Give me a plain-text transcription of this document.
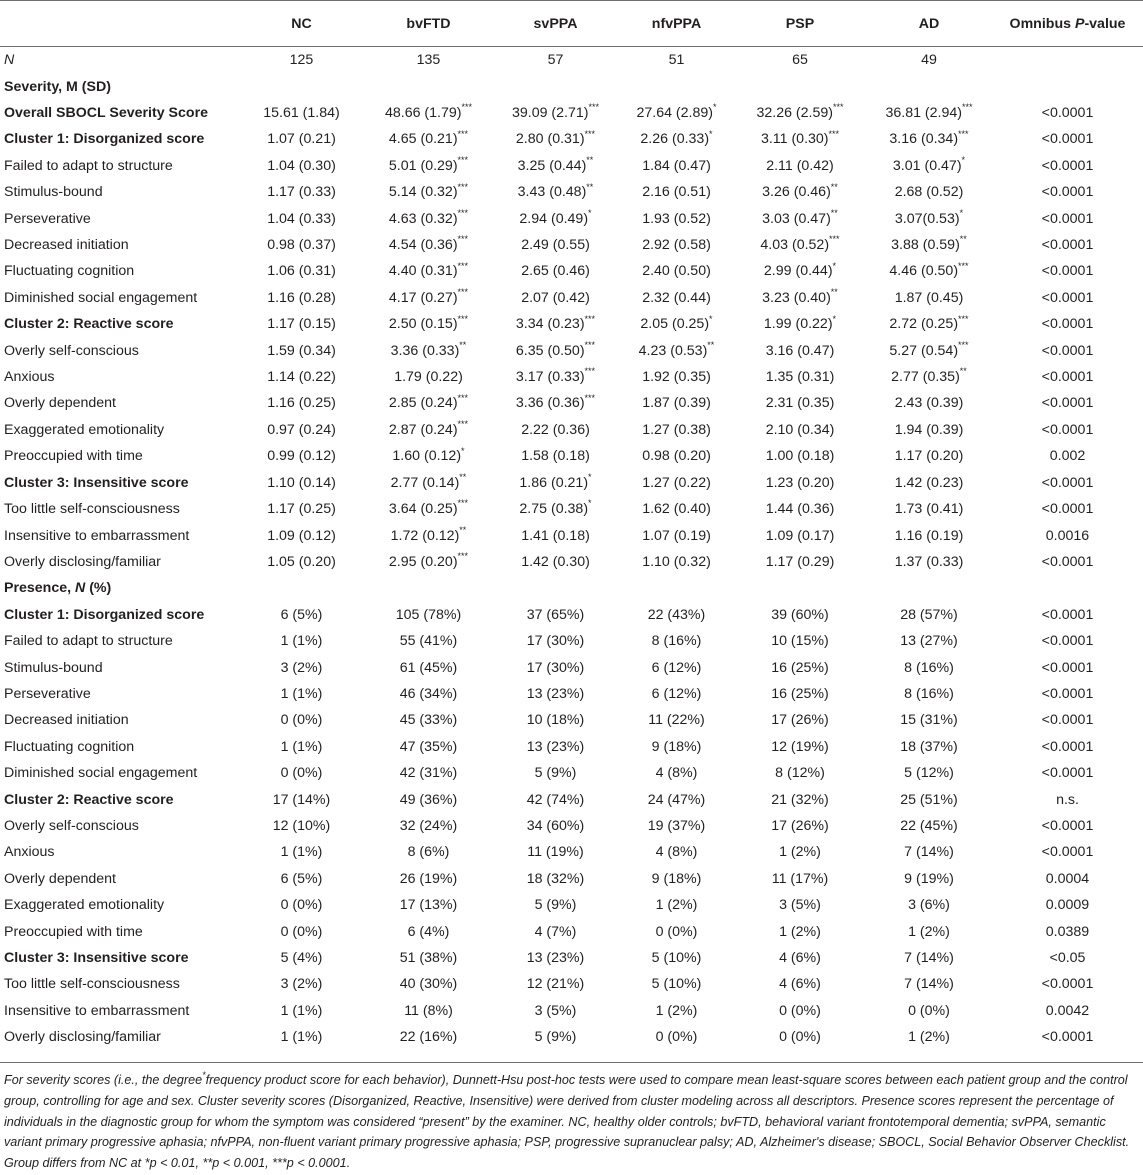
	NC	bvFTD	svPPA	nfvPPA	PSP	AD	Omnibus P-value
N	125	135	57	51	65	49	
Severity, M (SD)							
Overall SBOCL Severity Score	15.61 (1.84)	48.66 (1.79)***	39.09 (2.71)***	27.64 (2.89)*	32.26 (2.59)***	36.81 (2.94)***	<0.0001
Cluster 1: Disorganized score	1.07 (0.21)	4.65 (0.21)***	2.80 (0.31)***	2.26 (0.33)*	3.11 (0.30)***	3.16 (0.34)***	<0.0001
Failed to adapt to structure	1.04 (0.30)	5.01 (0.29)***	3.25 (0.44)**	1.84 (0.47)	2.11 (0.42)	3.01 (0.47)*	<0.0001
Stimulus-bound	1.17 (0.33)	5.14 (0.32)***	3.43 (0.48)**	2.16 (0.51)	3.26 (0.46)**	2.68 (0.52)	<0.0001
Perseverative	1.04 (0.33)	4.63 (0.32)***	2.94 (0.49)*	1.93 (0.52)	3.03 (0.47)**	3.07(0.53)*	<0.0001
Decreased initiation	0.98 (0.37)	4.54 (0.36)***	2.49 (0.55)	2.92 (0.58)	4.03 (0.52)***	3.88 (0.59)**	<0.0001
Fluctuating cognition	1.06 (0.31)	4.40 (0.31)***	2.65 (0.46)	2.40 (0.50)	2.99 (0.44)*	4.46 (0.50)***	<0.0001
Diminished social engagement	1.16 (0.28)	4.17 (0.27)***	2.07 (0.42)	2.32 (0.44)	3.23 (0.40)**	1.87 (0.45)	<0.0001
Cluster 2: Reactive score	1.17 (0.15)	2.50 (0.15)***	3.34 (0.23)***	2.05 (0.25)*	1.99 (0.22)*	2.72 (0.25)***	<0.0001
Overly self-conscious	1.59 (0.34)	3.36 (0.33)**	6.35 (0.50)***	4.23 (0.53)**	3.16 (0.47)	5.27 (0.54)***	<0.0001
Anxious	1.14 (0.22)	1.79 (0.22)	3.17 (0.33)***	1.92 (0.35)	1.35 (0.31)	2.77 (0.35)**	<0.0001
Overly dependent	1.16 (0.25)	2.85 (0.24)***	3.36 (0.36)***	1.87 (0.39)	2.31 (0.35)	2.43 (0.39)	<0.0001
Exaggerated emotionality	0.97 (0.24)	2.87 (0.24)***	2.22 (0.36)	1.27 (0.38)	2.10 (0.34)	1.94 (0.39)	<0.0001
Preoccupied with time	0.99 (0.12)	1.60 (0.12)*	1.58 (0.18)	0.98 (0.20)	1.00 (0.18)	1.17 (0.20)	0.002
Cluster 3: Insensitive score	1.10 (0.14)	2.77 (0.14)**	1.86 (0.21)*	1.27 (0.22)	1.23 (0.20)	1.42 (0.23)	<0.0001
Too little self-consciousness	1.17 (0.25)	3.64 (0.25)***	2.75 (0.38)*	1.62 (0.40)	1.44 (0.36)	1.73 (0.41)	<0.0001
Insensitive to embarrassment	1.09 (0.12)	1.72 (0.12)**	1.41 (0.18)	1.07 (0.19)	1.09 (0.17)	1.16 (0.19)	0.0016
Overly disclosing/familiar	1.05 (0.20)	2.95 (0.20)***	1.42 (0.30)	1.10 (0.32)	1.17 (0.29)	1.37 (0.33)	<0.0001
Presence, N (%)							
Cluster 1: Disorganized score	6 (5%)	105 (78%)	37 (65%)	22 (43%)	39 (60%)	28 (57%)	<0.0001
Failed to adapt to structure	1 (1%)	55 (41%)	17 (30%)	8 (16%)	10 (15%)	13 (27%)	<0.0001
Stimulus-bound	3 (2%)	61 (45%)	17 (30%)	6 (12%)	16 (25%)	8 (16%)	<0.0001
Perseverative	1 (1%)	46 (34%)	13 (23%)	6 (12%)	16 (25%)	8 (16%)	<0.0001
Decreased initiation	0 (0%)	45 (33%)	10 (18%)	11 (22%)	17 (26%)	15 (31%)	<0.0001
Fluctuating cognition	1 (1%)	47 (35%)	13 (23%)	9 (18%)	12 (19%)	18 (37%)	<0.0001
Diminished social engagement	0 (0%)	42 (31%)	5 (9%)	4 (8%)	8 (12%)	5 (12%)	<0.0001
Cluster 2: Reactive score	17 (14%)	49 (36%)	42 (74%)	24 (47%)	21 (32%)	25 (51%)	n.s.
Overly self-conscious	12 (10%)	32 (24%)	34 (60%)	19 (37%)	17 (26%)	22 (45%)	<0.0001
Anxious	1 (1%)	8 (6%)	11 (19%)	4 (8%)	1 (2%)	7 (14%)	<0.0001
Overly dependent	6 (5%)	26 (19%)	18 (32%)	9 (18%)	11 (17%)	9 (19%)	0.0004
Exaggerated emotionality	0 (0%)	17 (13%)	5 (9%)	1 (2%)	3 (5%)	3 (6%)	0.0009
Preoccupied with time	0 (0%)	6 (4%)	4 (7%)	0 (0%)	1 (2%)	1 (2%)	0.0389
Cluster 3: Insensitive score	5 (4%)	51 (38%)	13 (23%)	5 (10%)	4 (6%)	7 (14%)	<0.05
Too little self-consciousness	3 (2%)	40 (30%)	12 (21%)	5 (10%)	4 (6%)	7 (14%)	<0.0001
Insensitive to embarrassment	1 (1%)	11 (8%)	3 (5%)	1 (2%)	0 (0%)	0 (0%)	0.0042
Overly disclosing/familiar	1 (1%)	22 (16%)	5 (9%)	0 (0%)	0 (0%)	1 (2%)	<0.0001

For severity scores (i.e., the degree*frequency product score for each behavior), Dunnett-Hsu post-hoc tests were used to compare mean least-square scores between each patient group and the control group, controlling for age and sex. Cluster severity scores (Disorganized, Reactive, Insensitive) were derived from cluster modeling across all descriptors. Presence scores represent the percentage of individuals in the diagnostic group for whom the symptom was considered “present” by the examiner. NC, healthy older controls; bvFTD, behavioral variant frontotemporal dementia; svPPA, semantic variant primary progressive aphasia; nfvPPA, non-fluent variant primary progressive aphasia; PSP, progressive supranuclear palsy; AD, Alzheimer's disease; SBOCL, Social Behavior Observer Checklist. Group differs from NC at *p < 0.01, **p < 0.001, ***p < 0.0001.
